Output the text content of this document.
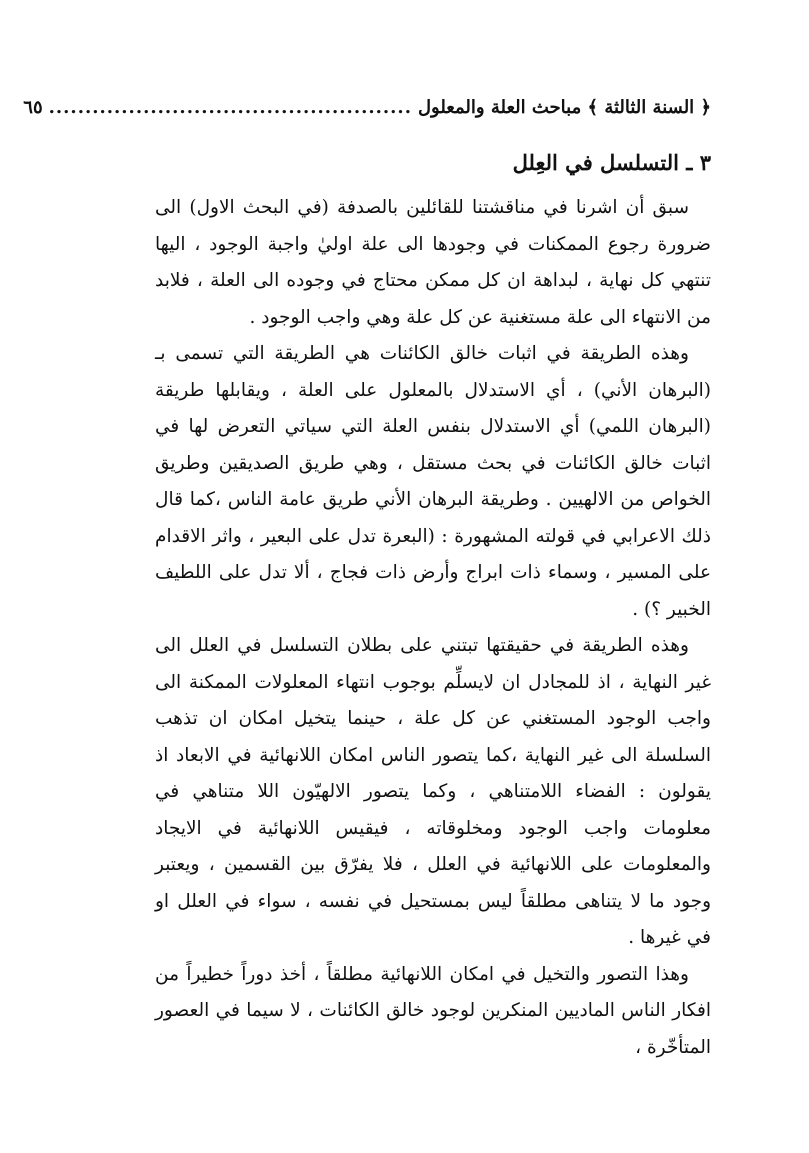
﴿ السنة الثالثة ﴾ مباحث العلة والمعلول
..................................................
٦٥
٣ ـ التسلسل في العِلل

سبق أن اشرنا في مناقشتنا للقائلين بالصدفة (في البحث الاول) الى ضرورة رجوع الممكنات في وجودها الى علة اوليٰ واجبة الوجود ، اليها تنتهي كل نهاية ، لبداهة ان كل ممكن محتاج في وجوده الى العلة ، فلابد من الانتهاء الى علة مستغنية عن كل علة وهي واجب الوجود .

وهذه الطريقة في اثبات خالق الكائنات هي الطريقة التي تسمى بـ (البرهان الأني) ، أي الاستدلال بالمعلول على العلة ، ويقابلها طريقة (البرهان اللمي) أي الاستدلال بنفس العلة التي سياتي التعرض لها في اثبات خالق الكائنات في بحث مستقل ، وهي طريق الصديقين وطريق الخواص من الالهيين . وطريقة البرهان الأني طريق عامة الناس ،كما قال ذلك الاعرابي في قولته المشهورة : (البعرة تدل على البعير ، واثر الاقدام على المسير ، وسماء ذات ابراج وأرض ذات فجاج ، ألا تدل على اللطيف الخبير ؟) .

وهذه الطريقة في حقيقتها تبتني على بطلان التسلسل في العلل الى غير النهاية ، اذ للمجادل ان لايسلِّم بوجوب انتهاء المعلولات الممكنة الى واجب الوجود المستغني عن كل علة ، حينما يتخيل امكان ان تذهب السلسلة الى غير النهاية ،كما يتصور الناس امكان اللانهائية في الابعاد اذ يقولون : الفضاء اللامتناهي ، وكما يتصور الالهيّون اللا متناهي في معلومات واجب الوجود ومخلوقاته ، فيقيس اللانهائية في الايجاد والمعلومات على اللانهائية في العلل ، فلا يفرّق بين القسمين ، ويعتبر وجود ما لا يتناهى مطلقاً ليس بمستحيل في نفسه ، سواء في العلل او في غيرها .

وهذا التصور والتخيل في امكان اللانهائية مطلقاً ، أخذ دوراً خطيراً من افكار الناس الماديين المنكرين لوجود خالق الكائنات ، لا سيما في العصور المتأخّرة ،
